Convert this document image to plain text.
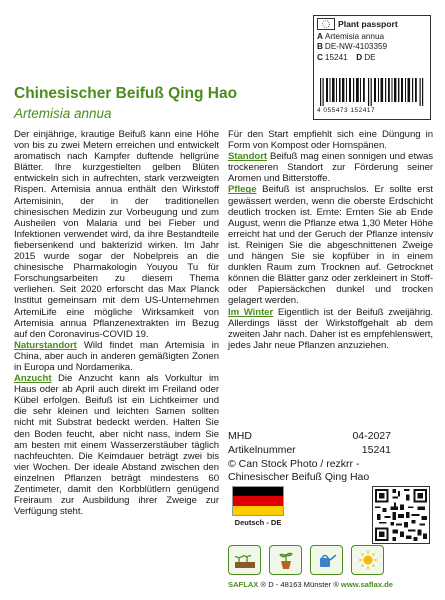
Plant passport
A Artemisia annua
B DE-NW-4103359
C 15241
D DE
4 055473 152417
Chinesischer Beifuß Qing Hao
Artemisia annua

Der einjährige, krautige Beifuß kann eine Höhe von bis zu zwei Metern erreichen und entwickelt aromatisch nach Kampfer duftende hellgrüne Blätter. Ihre kurzgestielten gelben Blüten entwickeln sich in aufrechten, stark verzweigten Rispen. Artemisia annua enthält den Wirkstoff Artemisinin, der in der traditionellen chinesischen Medizin zur Vorbeugung und zum Ausheilen von Malaria und bei Fieber und Infektionen verwendet wird, da ihre Bestandteile fiebersenkend und bakterizid wirken. Im Jahr 2015 wurde sogar der Nobelpreis an die chinesische Pharmakologin Youyou Tu für Forschungsarbeiten zu diesem Thema verliehen. Seit 2020 erforscht das Max Planck Institut gemeinsam mit dem US-Unternehmen ArtemiLife eine mögliche Wirksamkeit von Artemisia annua Pflanzenextrakten im Bezug auf den Coronavirus-COVID 19.

Naturstandort Wild findet man Artemisia in China, aber auch in anderen gemäßigten Zonen in Europa und Nordamerika.

Anzucht Die Anzucht kann als Vorkultur im Haus oder ab April auch direkt im Freiland oder Kübel erfolgen. Beifuß ist ein Lichtkeimer und die sehr kleinen und leichten Samen sollten nicht mit Substrat bedeckt werden. Halten Sie den Boden feucht, aber nicht nass, indem Sie am besten mit einem Wasserzerstäuber täglich nachfeuchten. Die Keimdauer beträgt zwei bis vier Wochen. Der ideale Abstand zwischen den einzelnen Pflanzen beträgt mindestens 60 Zentimeter, damit den Korbblütlern genügend Freiraum zur Ausbildung ihrer Zweige zur Verfügung steht.

Für den Start empfiehlt sich eine Düngung in Form von Kompost oder Hornspänen.

Standort Beifuß mag einen sonnigen und etwas trockeneren Standort zur Förderung seiner Aromen und Bitterstoffe.

Pflege Beifuß ist anspruchslos. Er sollte erst gewässert werden, wenn die oberste Erdschicht deutlich trocken ist. Ernte: Ernten Sie ab Ende August, wenn die Pflanze etwa 1,30 Meter Höhe erreicht hat und der Geruch der Pflanze intensiv ist. Reinigen Sie die abgeschnittenen Zweige und hängen Sie sie kopfüber in in einem dunklen Raum zum Trocknen auf. Getrocknet können die Blätter ganz oder zerkleinert in Stoff- oder Papiersäckchen dunkel und trocken gelagert werden.

Im Winter Eigentlich ist der Beifuß zweijährig. Allerdings lässt der Wirkstoffgehalt ab dem zweiten Jahr nach. Daher ist es empfehlenswert, jedes Jahr neue Pflanzen anzuziehen.

MHD	04-2027
Artikelnummer	15241
© Can Stock Photo / rezkrr -
Chinesischer Beifuß Qing Hao
Deutsch - DE
SAFLAX ® D - 48163 Münster ® www.saflax.de
